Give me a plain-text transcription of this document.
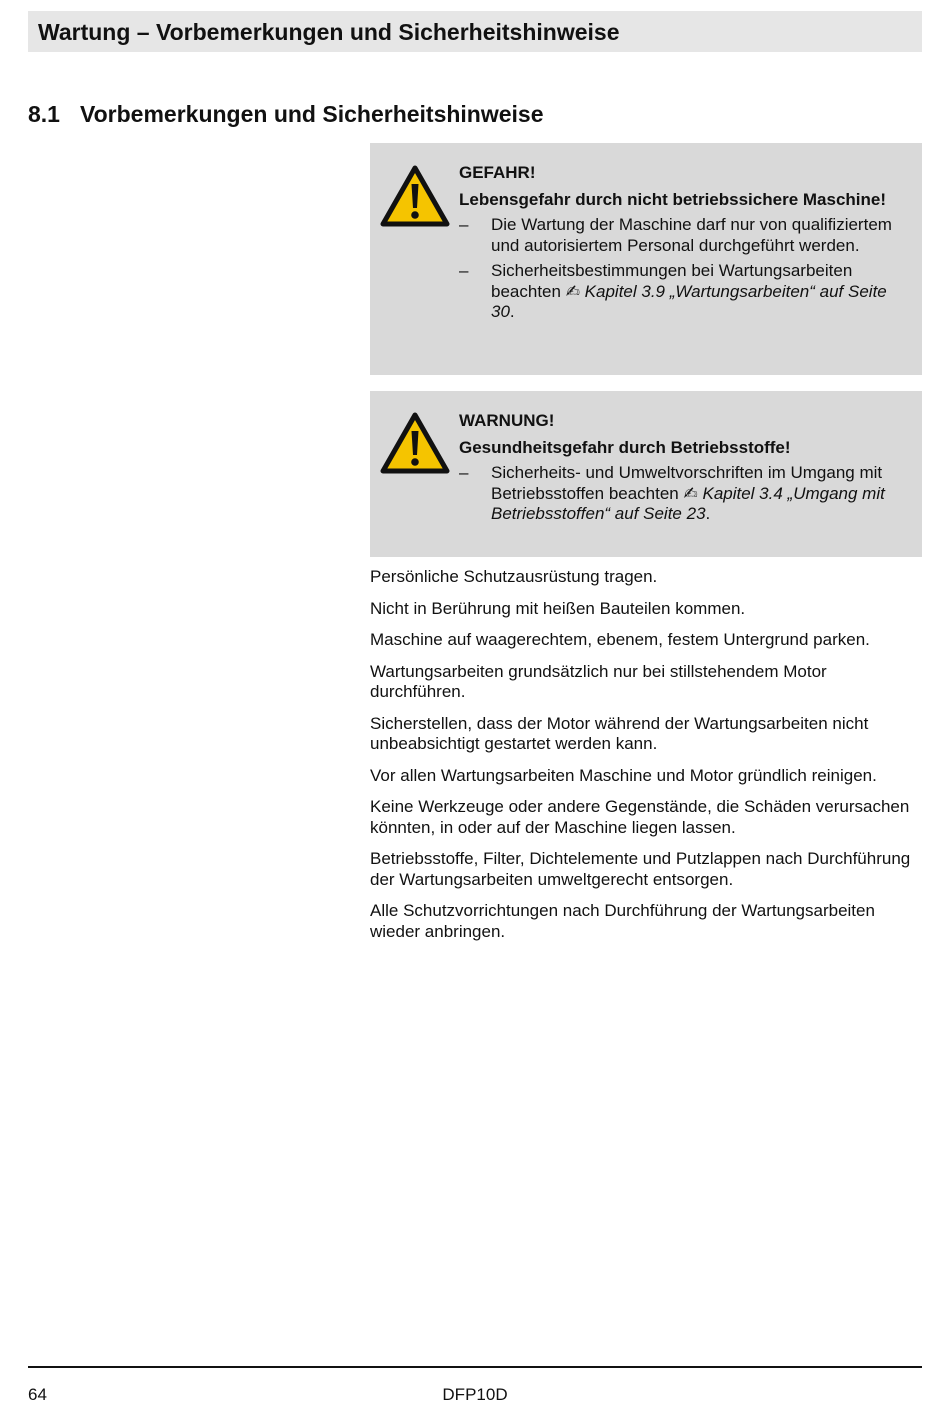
Wartung – Vorbemerkungen und Sicherheitshinweise
8.1 Vorbemerkungen und Sicherheitshinweise
GEFAHR!
Lebensgefahr durch nicht betriebssichere Maschine!
– Die Wartung der Maschine darf nur von qualifiziertem und autorisiertem Personal durchgeführt werden.
– Sicherheitsbestimmungen bei Wartungsarbeiten beachten ✍ Kapitel 3.9 „Wartungsarbeiten“ auf Seite 30.
WARNUNG!
Gesundheitsgefahr durch Betriebsstoffe!
– Sicherheits- und Umweltvorschriften im Umgang mit Betriebsstoffen beachten ✍ Kapitel 3.4 „Umgang mit Betriebsstoffen“ auf Seite 23.

Persönliche Schutzausrüstung tragen.

Nicht in Berührung mit heißen Bauteilen kommen.

Maschine auf waagerechtem, ebenem, festem Untergrund parken.

Wartungsarbeiten grundsätzlich nur bei stillstehendem Motor durchführen.

Sicherstellen, dass der Motor während der Wartungsarbeiten nicht unbeabsichtigt gestartet werden kann.

Vor allen Wartungsarbeiten Maschine und Motor gründlich reinigen.

Keine Werkzeuge oder andere Gegenstände, die Schäden verursachen könnten, in oder auf der Maschine liegen lassen.

Betriebsstoffe, Filter, Dichtelemente und Putzlappen nach Durchführung der Wartungsarbeiten umweltgerecht entsorgen.

Alle Schutzvorrichtungen nach Durchführung der Wartungsarbeiten wieder anbringen.

64	DFP10D
